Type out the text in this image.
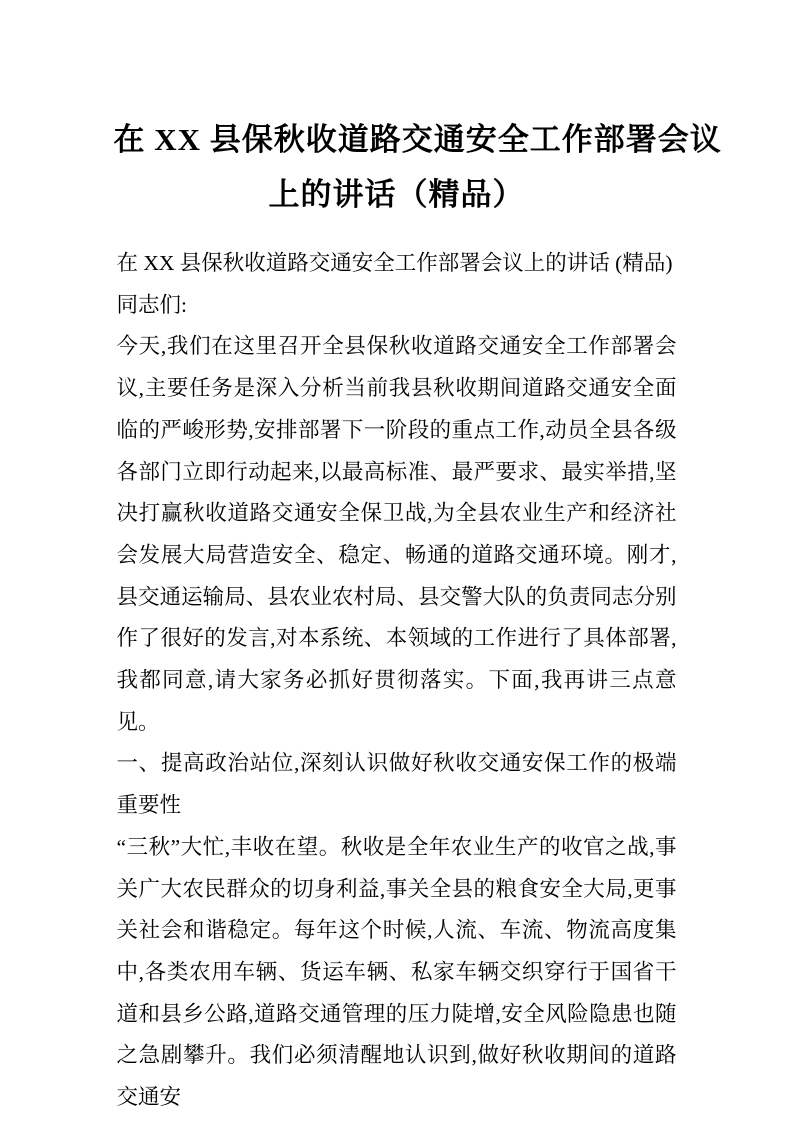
在 XX 县保秋收道路交通安全工作部署会议
上的讲话（精品）

在 XX 县保秋收道路交通安全工作部署会议上的讲话 (精品)

同志们:

今天,我们在这里召开全县保秋收道路交通安全工作部署会议,主要任务是深入分析当前我县秋收期间道路交通安全面临的严峻形势,安排部署下一阶段的重点工作,动员全县各级各部门立即行动起来,以最高标准、最严要求、最实举措,坚决打赢秋收道路交通安全保卫战,为全县农业生产和经济社会发展大局营造安全、稳定、畅通的道路交通环境。刚才,县交通运输局、县农业农村局、县交警大队的负责同志分别作了很好的发言,对本系统、本领域的工作进行了具体部署,我都同意,请大家务必抓好贯彻落实。下面,我再讲三点意见。

一、提高政治站位,深刻认识做好秋收交通安保工作的极端重要性

“三秋”大忙,丰收在望。秋收是全年农业生产的收官之战,事关广大农民群众的切身利益,事关全县的粮食安全大局,更事关社会和谐稳定。每年这个时候,人流、车流、物流高度集中,各类农用车辆、货运车辆、私家车辆交织穿行于国省干道和县乡公路,道路交通管理的压力陡增,安全风险隐患也随之急剧攀升。我们必须清醒地认识到,做好秋收期间的道路交通安
